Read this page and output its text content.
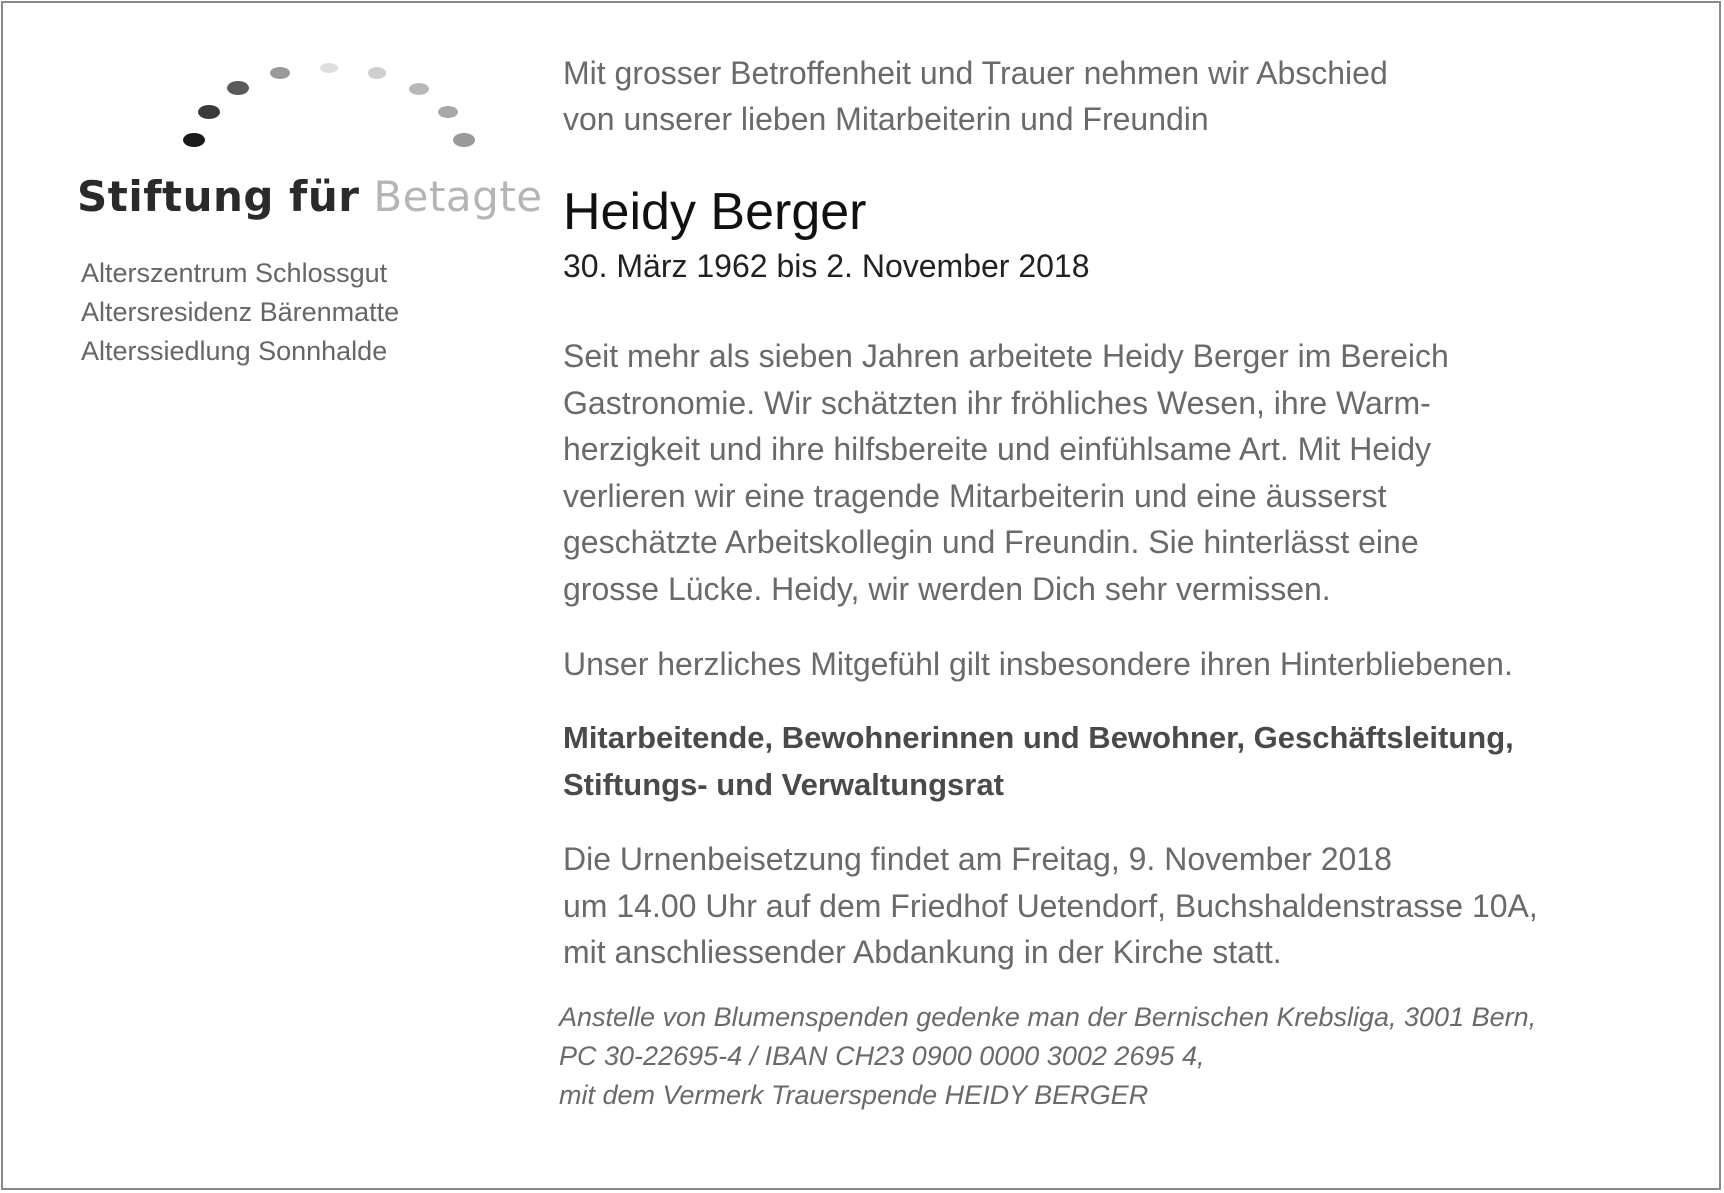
Stiftung für Betagte
Alterszentrum Schlossgut
Altersresidenz Bärenmatte
Alterssiedlung Sonnhalde
Mit grosser Betroffenheit und Trauer nehmen wir Abschied
von unserer lieben Mitarbeiterin und Freundin
Heidy Berger
30. März 1962 bis 2. November 2018
Seit mehr als sieben Jahren arbeitete Heidy Berger im Bereich
Gastronomie. Wir schätzten ihr fröhliches Wesen, ihre Warm-
herzigkeit und ihre hilfsbereite und einfühlsame Art. Mit Heidy
verlieren wir eine tragende Mitarbeiterin und eine äusserst
geschätzte Arbeitskollegin und Freundin. Sie hinterlässt eine
grosse Lücke. Heidy, wir werden Dich sehr vermissen.
Unser herzliches Mitgefühl gilt insbesondere ihren Hinterbliebenen.
Mitarbeitende, Bewohnerinnen und Bewohner, Geschäftsleitung,
Stiftungs- und Verwaltungsrat
Die Urnenbeisetzung findet am Freitag, 9. November 2018
um 14.00 Uhr auf dem Friedhof Uetendorf, Buchshaldenstrasse 10A,
mit anschliessender Abdankung in der Kirche statt.
Anstelle von Blumenspenden gedenke man der Bernischen Krebsliga, 3001 Bern,
PC 30-22695-4 / IBAN CH23 0900 0000 3002 2695 4,
mit dem Vermerk Trauerspende HEIDY BERGER
